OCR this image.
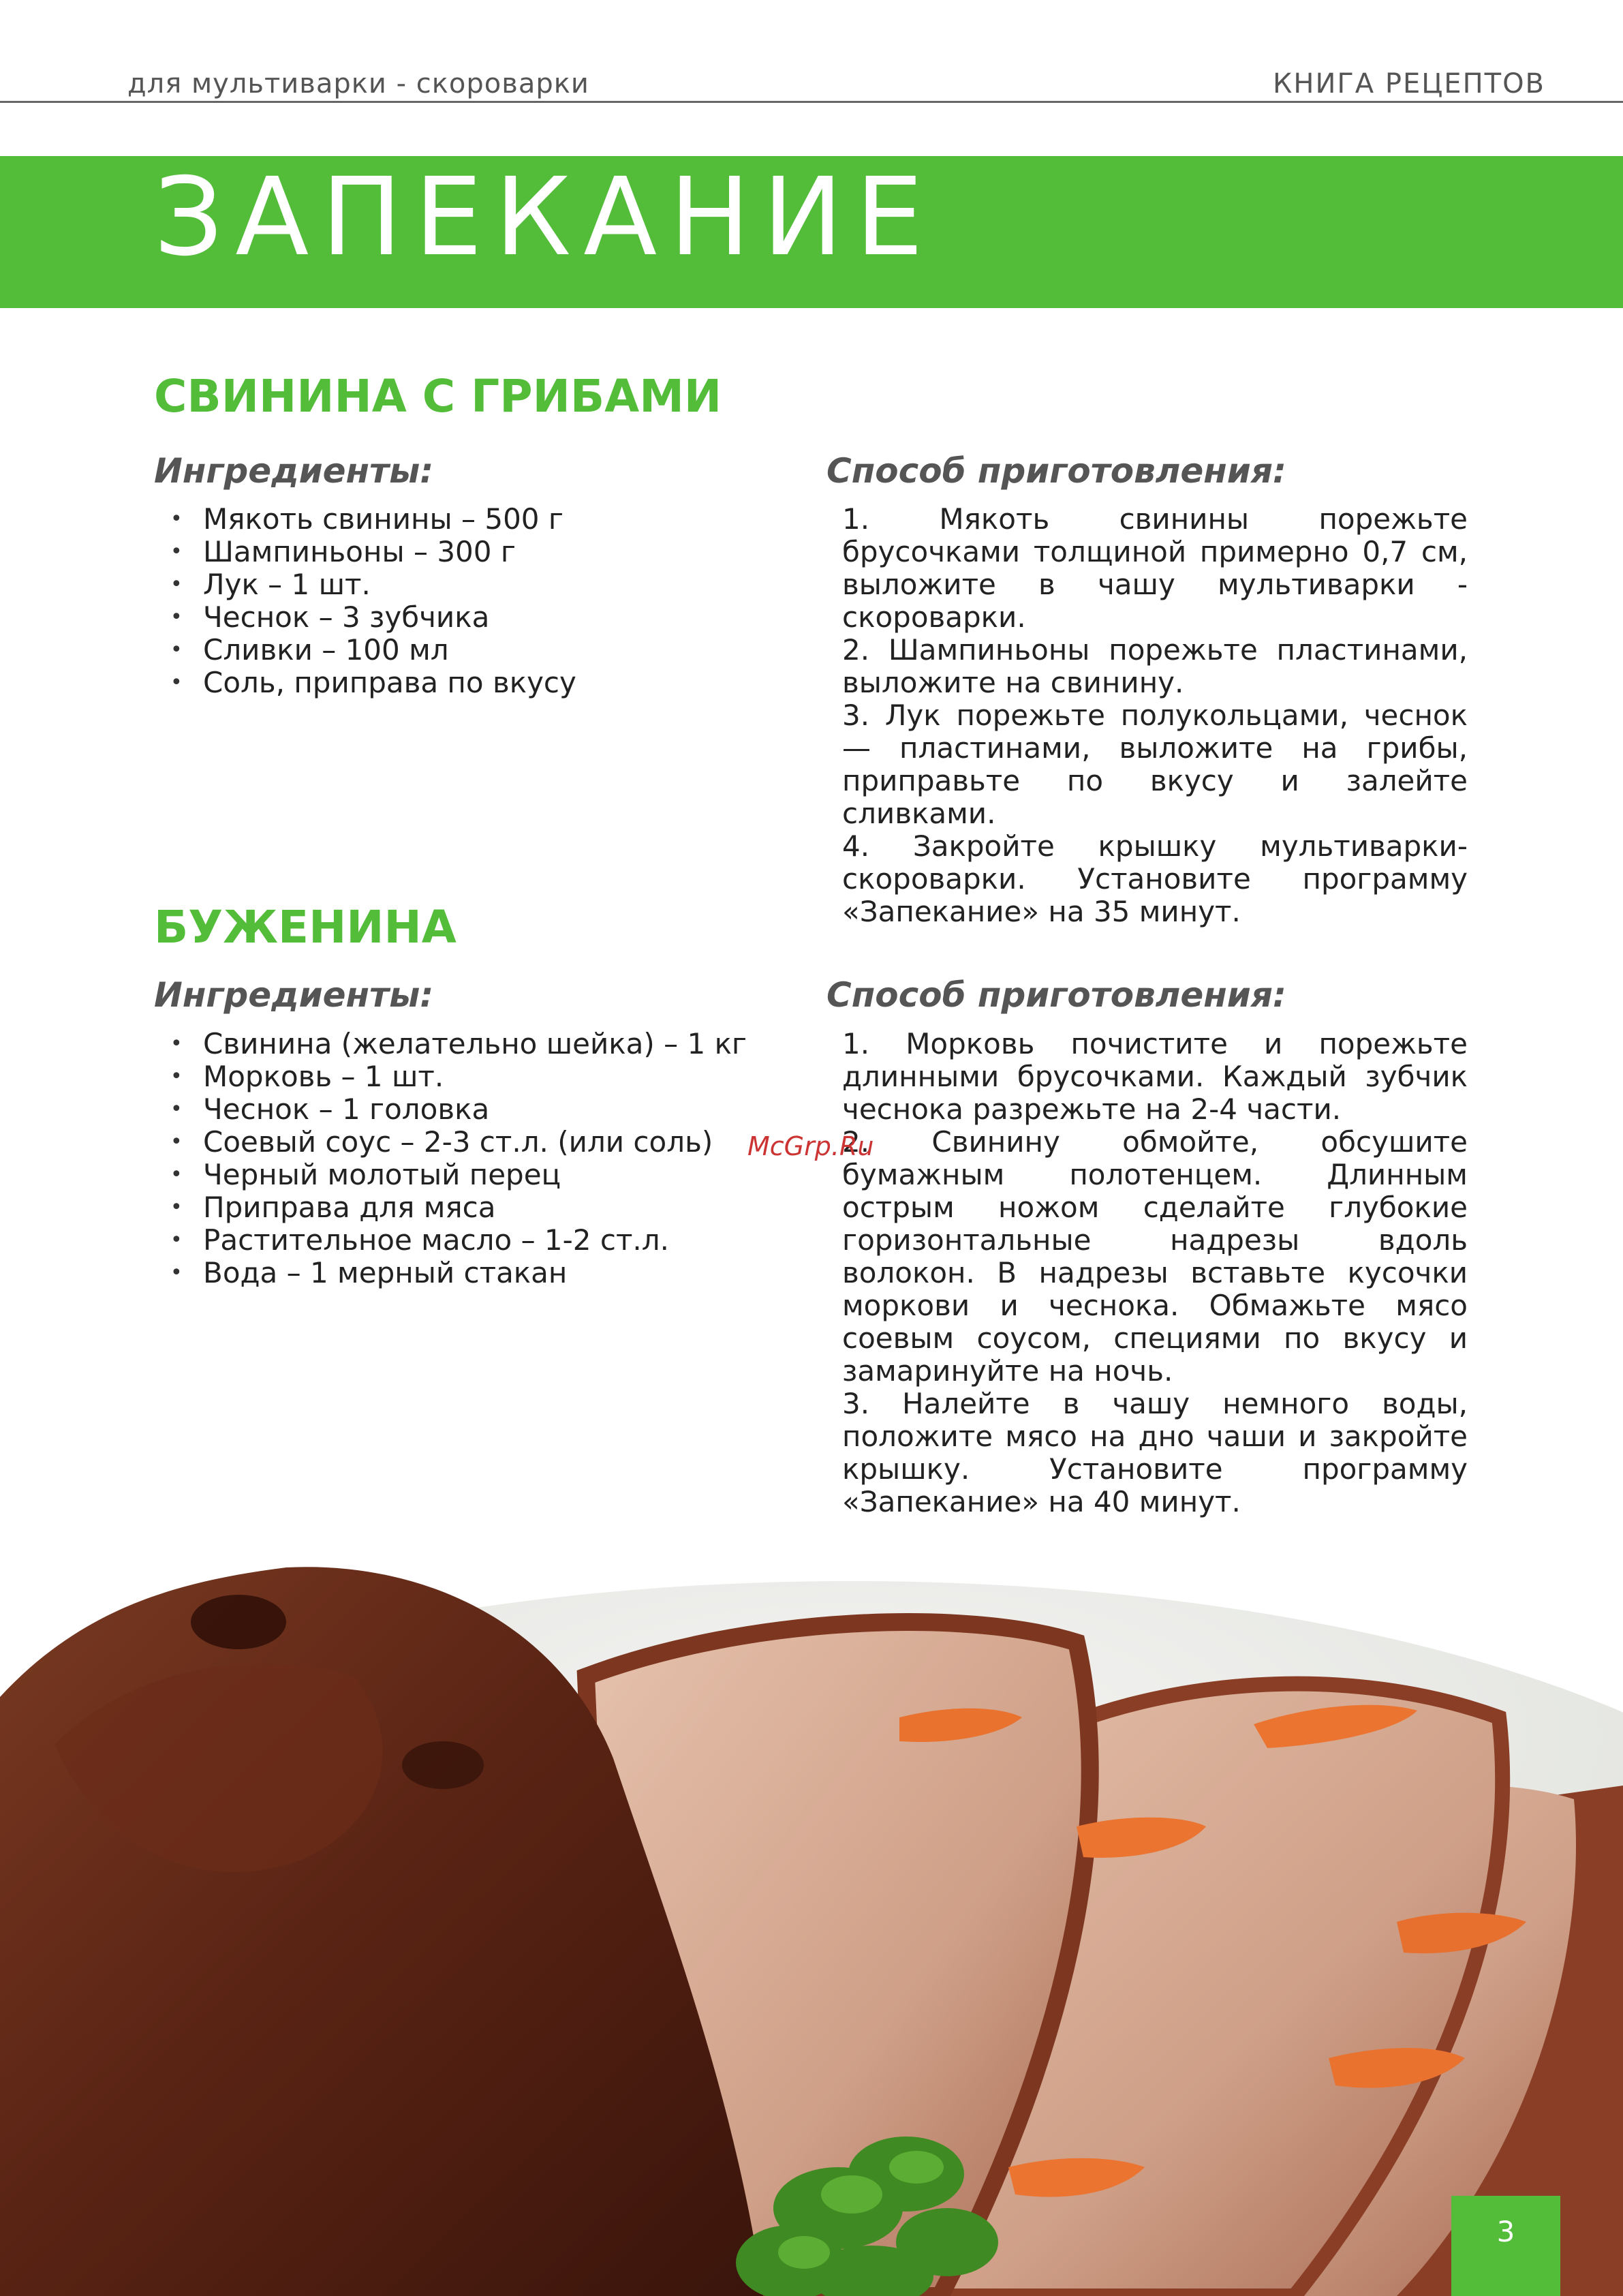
для мультиварки - скороварки	КНИГА РЕЦЕПТОВ
ЗАПЕКАНИЕ
СВИНИНА С ГРИБАМИ
Ингредиенты:	Способ приготовления:
• Мякоть свинины – 500 г
• Шампиньоны – 300 г
• Лук – 1 шт.
• Чеснок – 3 зубчика
• Сливки – 100 мл
• Соль, приправа по вкусу

1. Мякоть свинины порежьте брусочками толщиной примерно 0,7 см, выложите в чашу мультиварки - скороварки.

2. Шампиньоны порежьте пластинами, выложите на свинину.

3. Лук порежьте полукольцами, чеснок — пластинами, выложите на грибы, приправьте по вкусу и залейте сливками.

4. Закройте крышку мультиварки-скороварки. Установите программу «Запекание» на 35 минут.

БУЖЕНИНА
Ингредиенты:	Способ приготовления:
• Свинина (желательно шейка) – 1 кг
• Морковь – 1 шт.
• Чеснок – 1 головка
• Соевый соус – 2-3 ст.л. (или соль)
• Черный молотый перец
• Приправа для мяса
• Растительное масло – 1-2 ст.л.
• Вода – 1 мерный стакан

1. Морковь почистите и порежьте длинными брусочками. Каждый зубчик чеснока разрежьте на 2-4 части.

2. Свинину обмойте, обсушите бумажным полотенцем. Длинным острым ножом сделайте глубокие горизонтальные надрезы вдоль волокон. В надрезы вставьте кусочки моркови и чеснока. Обмажьте мясо соевым соусом, специями по вкусу и замаринуйте на ночь.

3. Налейте в чашу немного воды, положите мясо на дно чаши и закройте крышку. Установите программу «Запекание» на 40 минут.

McGrp.Ru
3
